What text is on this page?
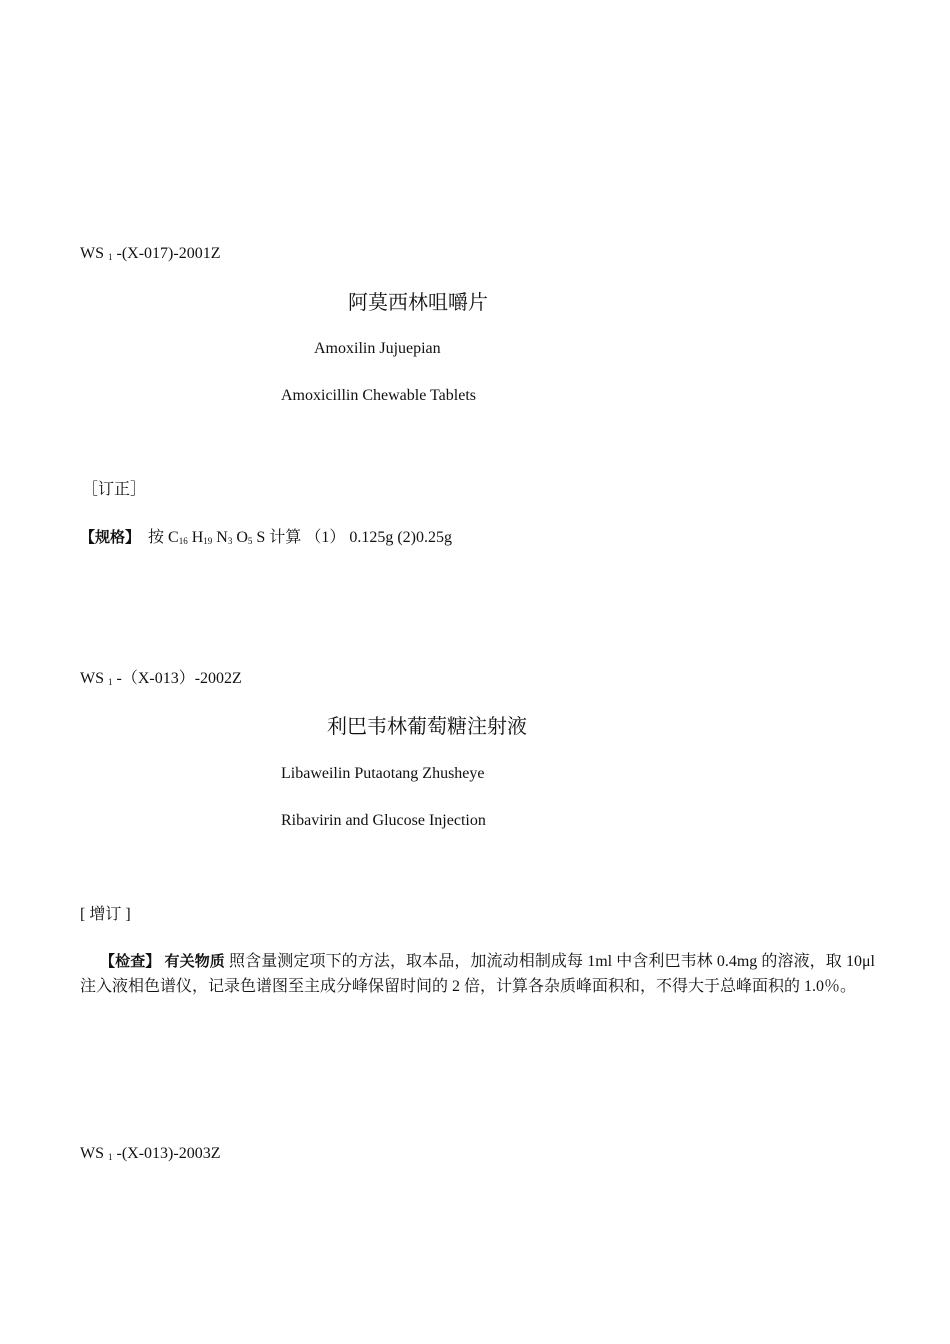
WS $_1$ -(X-017)-2001Z
阿莫西林咀嚼片
Amoxilin Jujuepian
Amoxicillin Chewable Tablets
［订正］
【规格】 按 $C_{16}$ $H_{19}$ $N_3$ $O_5$ S 计算 （1） 0.125g (2)0.25g
WS $_1$ -（X-013）-2002Z
利巴韦林葡萄糖注射液
Libaweilin Putaotang Zhusheye
Ribavirin and Glucose Injection
[ 增订 ]
【检查】 有关物质 照含量测定项下的方法，取本品，加流动相制成每 1ml 中含利巴韦林 0.4mg 的溶液，取 10μl 注入液相色谱仪，记录色谱图至主成分峰保留时间的 2 倍，计算各杂质峰面积和，不得大于总峰面积的 1.0％。
WS $_1$ -(X-013)-2003Z
